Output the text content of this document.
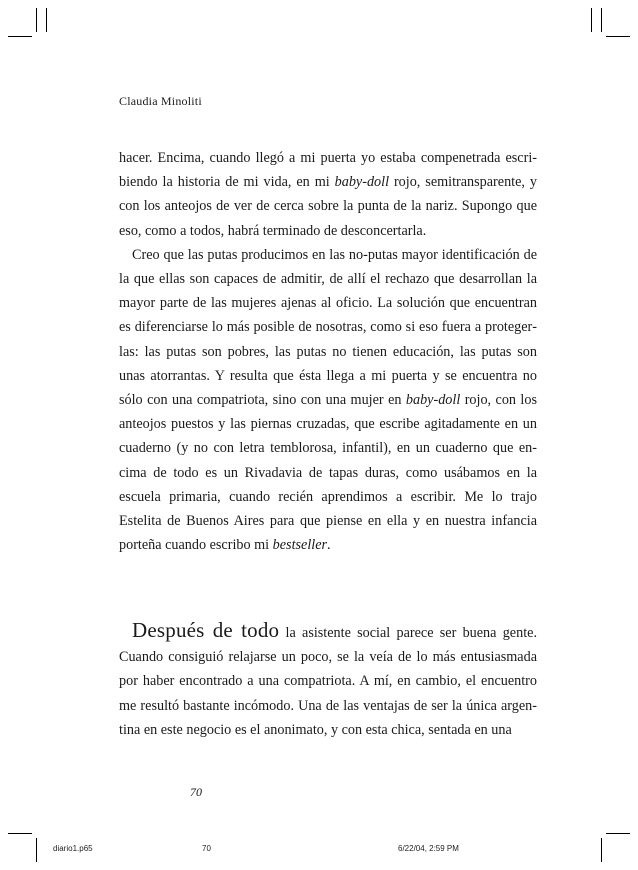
Claudia Minoliti

hacer. Encima, cuando llegó a mi puerta yo estaba compenetrada escribiendo la historia de mi vida, en mi baby-doll rojo, semitransparente, y con los anteojos de ver de cerca sobre la punta de la nariz. Supongo que eso, como a todos, habrá terminado de desconcertarla.

Creo que las putas producimos en las no-putas mayor identificación de la que ellas son capaces de admitir, de allí el rechazo que desarrollan la mayor parte de las mujeres ajenas al oficio. La solución que encuentran es diferenciarse lo más posible de nosotras, como si eso fuera a protegerlas: las putas son pobres, las putas no tienen educación, las putas son unas atorrantas. Y resulta que ésta llega a mi puerta y se encuentra no sólo con una compatriota, sino con una mujer en baby-doll rojo, con los anteojos puestos y las piernas cruzadas, que escribe agitadamente en un cuaderno (y no con letra temblorosa, infantil), en un cuaderno que encima de todo es un Rivadavia de tapas duras, como usábamos en la escuela primaria, cuando recién aprendimos a escribir. Me lo trajo Estelita de Buenos Aires para que piense en ella y en nuestra infancia porteña cuando escribo mi bestseller.

Después de todo la asistente social parece ser buena gente. Cuando consiguió relajarse un poco, se la veía de lo más entusiasmada por haber encontrado a una compatriota. A mí, en cambio, el encuentro me resultó bastante incómodo. Una de las ventajas de ser la única argentina en este negocio es el anonimato, y con esta chica, sentada en una

70
diario1.p65	70	6/22/04, 2:59 PM
